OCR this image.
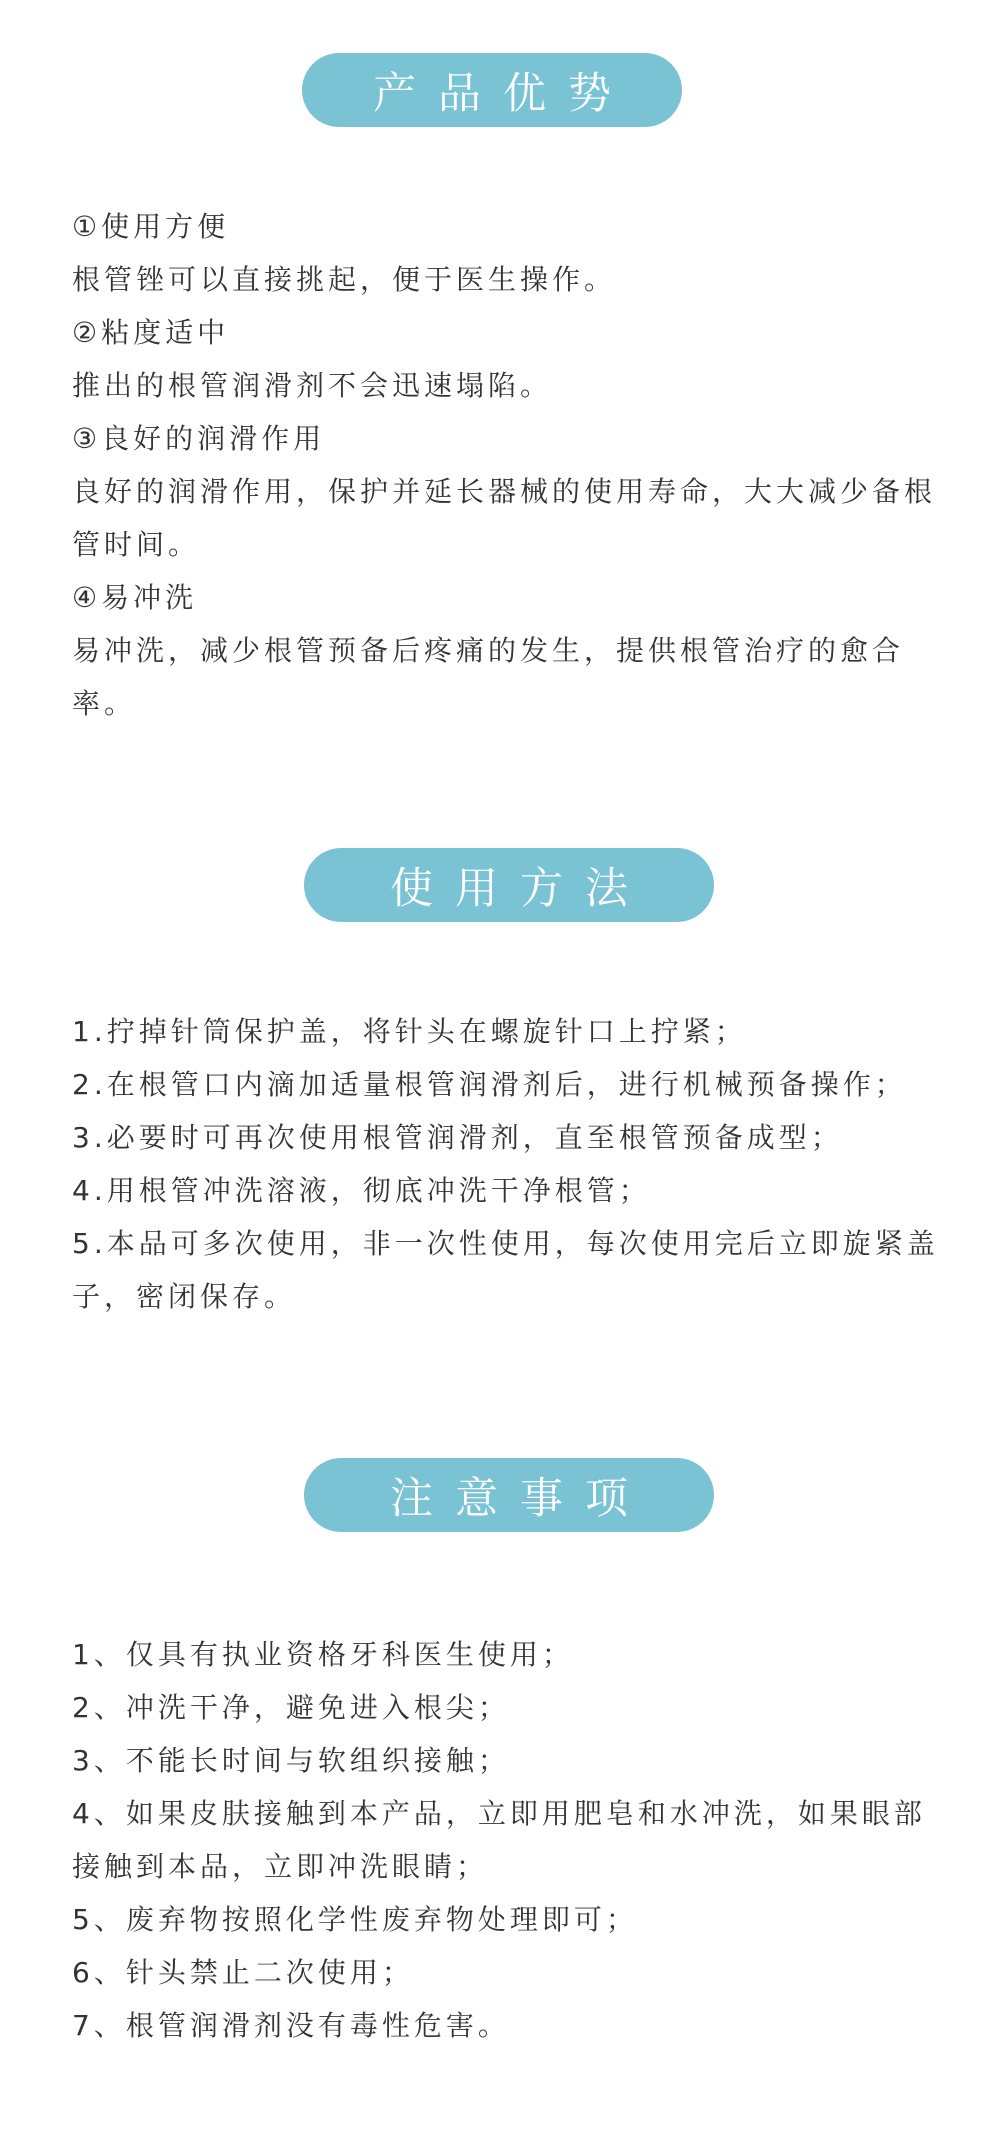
产品优势
①使用方便
根管锉可以直接挑起，便于医生操作。
②粘度适中
推出的根管润滑剂不会迅速塌陷。
③良好的润滑作用
良好的润滑作用，保护并延长器械的使用寿命，大大减少备根管时间。
④易冲洗
易冲洗，减少根管预备后疼痛的发生，提供根管治疗的愈合率。
使用方法
1.拧掉针筒保护盖，将针头在螺旋针口上拧紧；
2.在根管口内滴加适量根管润滑剂后，进行机械预备操作；
3.必要时可再次使用根管润滑剂，直至根管预备成型；
4.用根管冲洗溶液，彻底冲洗干净根管；
5.本品可多次使用，非一次性使用，每次使用完后立即旋紧盖子，密闭保存。
注意事项
1、仅具有执业资格牙科医生使用；
2、冲洗干净，避免进入根尖；
3、不能长时间与软组织接触；
4、如果皮肤接触到本产品，立即用肥皂和水冲洗，如果眼部接触到本品，立即冲洗眼睛；
5、废弃物按照化学性废弃物处理即可；
6、针头禁止二次使用；
7、根管润滑剂没有毒性危害。
